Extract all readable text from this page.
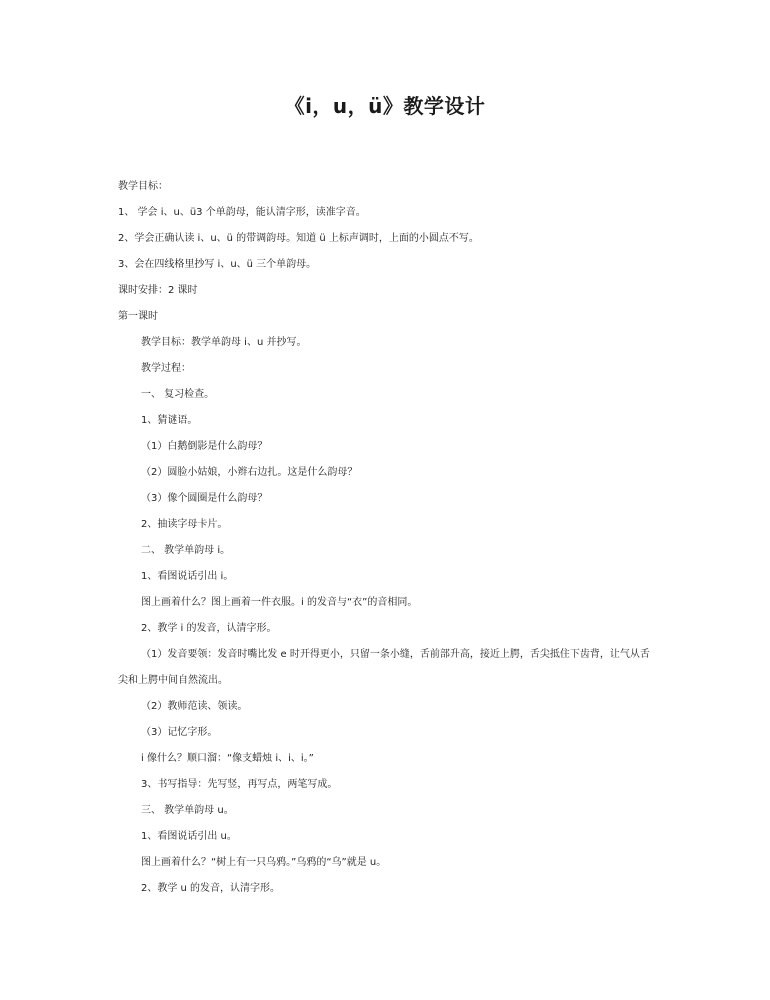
《i，u，ü》教学设计
教学目标：
1、 学会 i、u、ü3 个单韵母，能认清字形，读准字音。
2、学会正确认读 i、u、ü 的带调韵母。知道 ü 上标声调时，上面的小圆点不写。
3、会在四线格里抄写 i、u、ü 三个单韵母。
课时安排：2 课时
第一课时
教学目标：教学单韵母 i、u 并抄写。
教学过程：
一、 复习检查。
1、猜谜语。
（1）白鹅倒影是什么韵母？
（2）圆脸小姑娘，小辫右边扎。这是什么韵母？
（3）像个圆圈是什么韵母？
2、抽读字母卡片。
二、 教学单韵母 i。
1、看图说话引出 i。
图上画着什么？图上画着一件衣服。i 的发音与“衣”的音相同。
2、教学 i 的发音，认清字形。
（1）发音要领：发音时嘴比发 e 时开得更小，只留一条小缝，舌前部升高，接近上腭，舌尖抵住下齿背，让气从舌尖和上腭中间自然流出。
（2）教师范读、领读。
（3）记忆字形。
i 像什么？顺口溜：“像支蜡烛 i、i、i。”
3、书写指导：先写竖，再写点，两笔写成。
三、 教学单韵母 u。
1、看图说话引出 u。
图上画着什么？“树上有一只乌鸦。”乌鸦的“乌”就是 u。
2、教学 u 的发音，认清字形。
